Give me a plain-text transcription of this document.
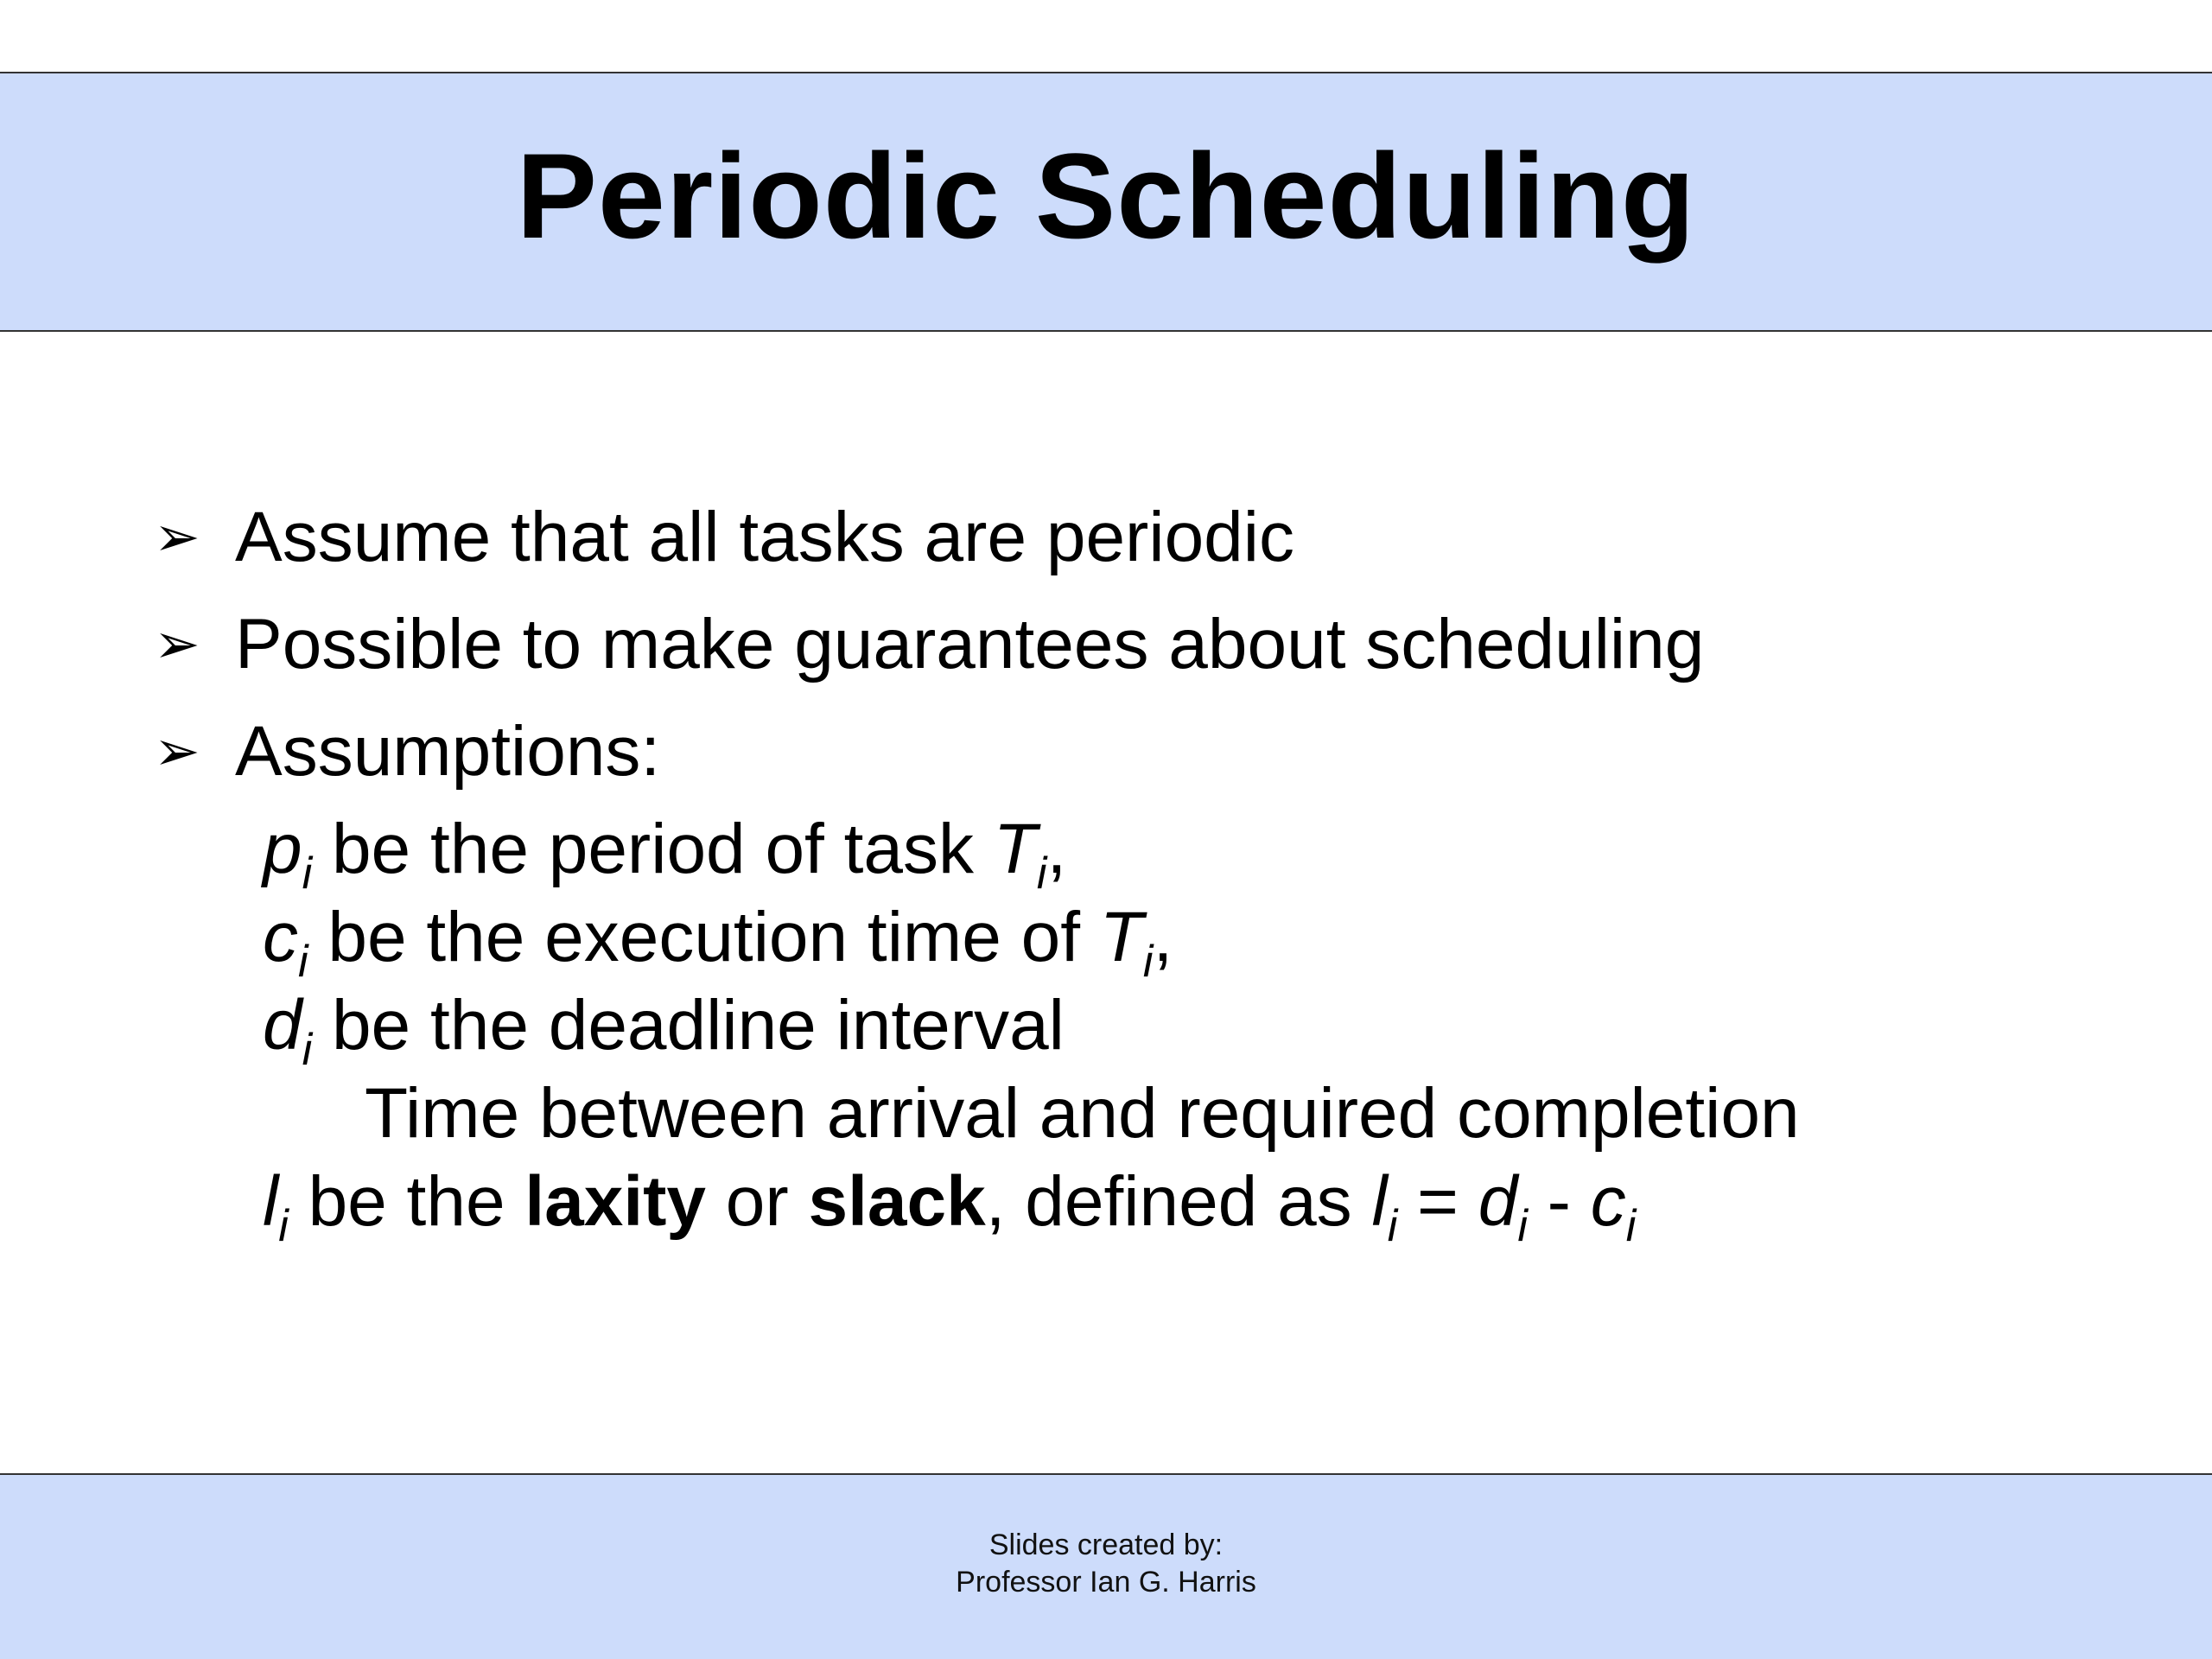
Periodic Scheduling
➢ Assume that all tasks are periodic
➢ Possible to make guarantees about scheduling
➢ Assumptions:
$p_i$ be the period of task $T_i$,
$c_i$ be the execution time of $T_i$,
$d_i$ be the deadline interval
Time between arrival and required completion
$l_i$ be the laxity or slack, defined as $l_i = d_i - c_i$
Slides created by:
Professor Ian G. Harris
